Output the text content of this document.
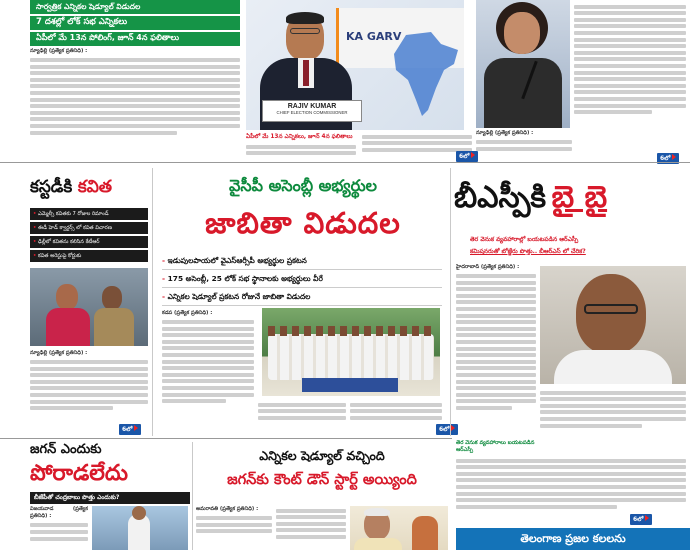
సార్వత్రిక ఎన్నికల షెడ్యూల్ విడుదల
7 దశల్లో లోక్ సభ ఎన్నికలు
ఏపీలో మే 13న పోలింగ్, జూన్ 4న ఫలితాలు
న్యూఢిల్లీ (ప్రత్యేక ప్రతినిధి) :
KA GARV
RAJIV KUMAR
CHIEF ELECTION COMMISSIONER
న్యూఢిల్లీ (ప్రత్యేక ప్రతినిధి) :
6లో
ఏపీలో మే 13న ఎన్నికలు, జూన్ 4న ఫలితాలు
6లో
కస్టడీకి కవిత
• ఎమ్మెల్సీ కవితకు 7 రోజుల రిమాండ్
• ఈడీ హెడ్ క్వార్టర్స్ లో కవిత విచారణ
• ఢిల్లీలో కవితను కలిసిన కేటీఆర్
• కవిత అరెస్టుపై కోర్టుకు
న్యూఢిల్లీ (ప్రత్యేక ప్రతినిధి) :
6లో
వైసీపీ అసెంబ్లీ అభ్యర్థుల
జాబితా విడుదల
- ఇడుపులపాయలో వైఎస్ఆర్సీపీ అభ్యర్థుల ప్రకటన
- 175 అసెంబ్లీ, 25 లోక్ సభ స్థానాలకు అభ్యర్థులు వీరే
- ఎన్నికల షెడ్యూల్ ప్రకటన రోజునే జాబితా విడుదల
కడప (ప్రత్యేక ప్రతినిధి) :
6లో
బీఎస్పీకి బై బై
తెర వెనుక వ్యవహారాల్లో బయటపడిన ఆర్ఎస్పీ
కమిషనరుతో బోజ్జేరు పొత్తు.. బీఆర్ఎస్ లో చేరిక?
హైదరాబాద్ (ప్రత్యేక ప్రతినిధి) :
తెర వెనుక వ్యవహారాలు బయటపడిన ఆర్ఎస్పీ
6లో
జగన్ ఎందుకు
పోరాడలేదు
బీజేపీతో చంద్రబాబు పొత్తు ఎందుకు?
విజయవాడ (ప్రత్యేక ప్రతినిధి) :
ఎన్నికల షెడ్యూల్ వచ్చింది
జగన్‌కు కౌంట్ డౌన్ స్టార్ట్ అయ్యింది
అమరావతి (ప్రత్యేక ప్రతినిధి) :
తెలంగాణ ప్రజల కలలను
